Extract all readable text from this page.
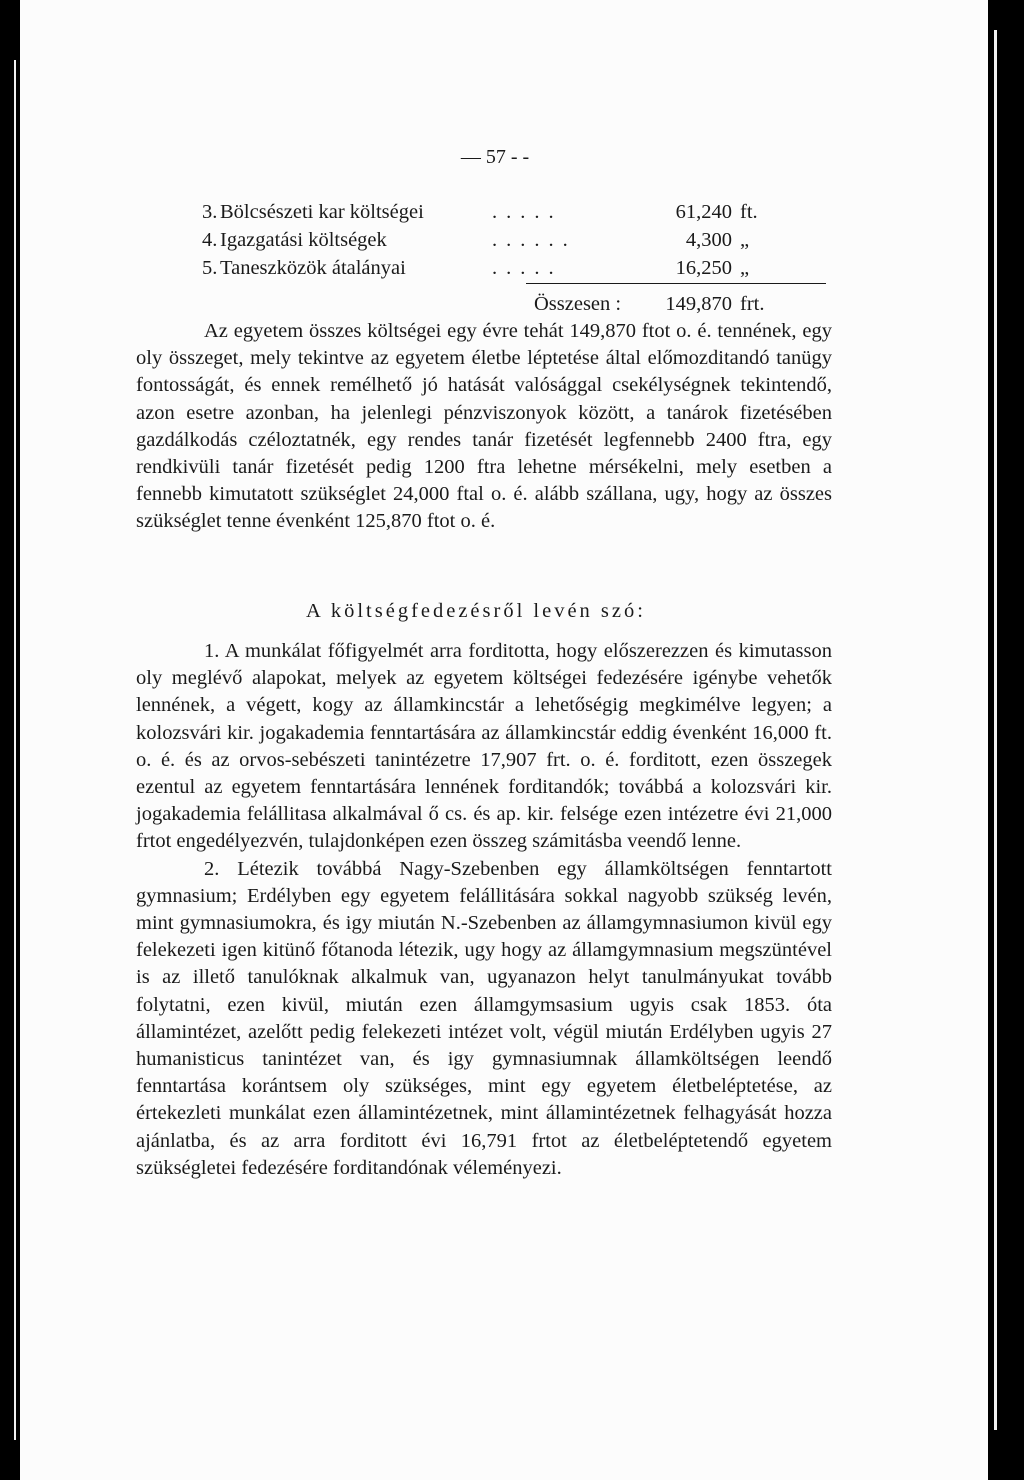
— 57 - -
3. Bölcsészeti kar költségei	.....	61,240 ft.
4. Igazgatási költségek	......	4,300 „
5. Taneszközök átalányai	.....	16,250 „
Összesen :	149,870 frt.

Az egyetem összes költségei egy évre tehát 149,870 ftot o. é. tennének, egy oly összeget, mely tekintve az egyetem életbe léptetése által előmozditandó tanügy fontosságát, és ennek remélhető jó hatását valósággal csekélységnek tekintendő, azon esetre azonban, ha jelenlegi pénzviszonyok között, a tanárok fizetésében gazdálkodás czéloztatnék, egy rendes tanár fizetését legfennebb 2400 ftra, egy rendkivüli tanár fizetését pedig 1200 ftra lehetne mérsékelni, mely esetben a fennebb kimutatott szükséglet 24,000 ftal o. é. alább szállana, ugy, hogy az összes szükséglet tenne évenként 125,870 ftot o. é.

A költségfedezésről levén szó:

1. A munkálat főfigyelmét arra forditotta, hogy előszerezzen és kimutasson oly meglévő alapokat, melyek az egyetem költségei fedezésére igénybe vehetők lennének, a végett, kogy az államkincstár a lehetőségig megkimélve legyen; a kolozsvári kir. jogakademia fenntartására az államkincstár eddig évenként 16,000 ft. o. é. és az orvos-sebészeti tanintézetre 17,907 frt. o. é. forditott, ezen összegek ezentul az egyetem fenntartására lennének forditandók; továbbá a kolozsvári kir. jogakademia felállitasa alkalmával ő cs. és ap. kir. felsége ezen intézetre évi 21,000 frtot engedélyezvén, tulajdonképen ezen összeg számitásba veendő lenne.

2. Létezik továbbá Nagy-Szebenben egy államköltségen fenntartott gymnasium; Erdélyben egy egyetem felállitására sokkal nagyobb szükség levén, mint gymnasiumokra, és igy miután N.-Szebenben az államgymnasiumon kivül egy felekezeti igen kitünő főtanoda létezik, ugy hogy az államgymnasium megszüntével is az illető tanulóknak alkalmuk van, ugyanazon helyt tanulmányukat tovább folytatni, ezen kivül, miután ezen államgymsasium ugyis csak 1853. óta államintézet, azelőtt pedig felekezeti intézet volt, végül miután Erdélyben ugyis 27 humanisticus tanintézet van, és igy gymnasiumnak államköltségen leendő fenntartása korántsem oly szükséges, mint egy egyetem életbeléptetése, az értekezleti munkálat ezen államintézetnek, mint államintézetnek felhagyását hozza ajánlatba, és az arra forditott évi 16,791 frtot az életbeléptetendő egyetem szükségletei fedezésére forditandónak véleményezi.
